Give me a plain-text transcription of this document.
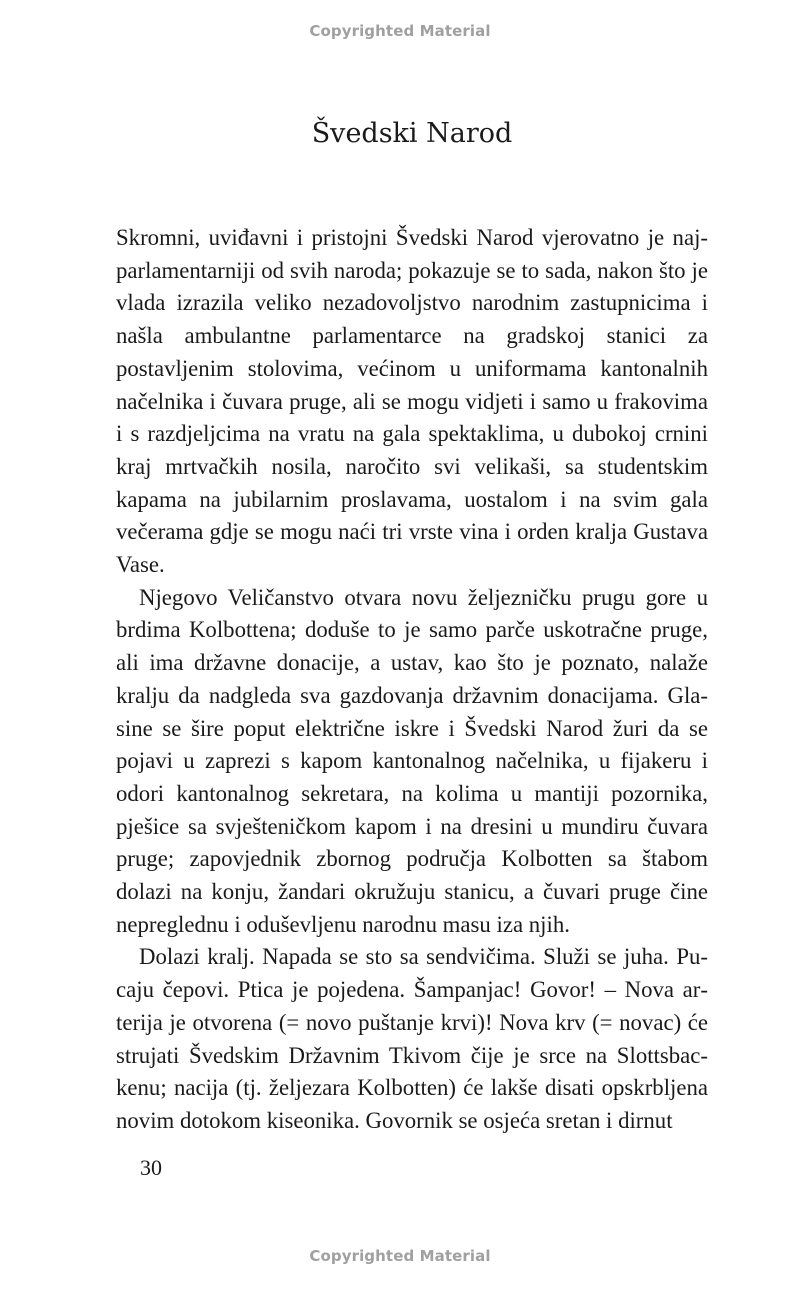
Copyrighted Material
Švedski Narod

Skromni, uviđavni i pristojni Švedski Narod vjerovatno je najparlamentarniji od svih naroda; pokazuje se to sada, nakon što je vlada izrazila veliko nezadovoljstvo narodnim zastupnicima i našla ambulantne parlamentarce na gradskoj stanici za postavljenim stolovima, većinom u uniformama kantonalnih načelnika i čuvara pruge, ali se mogu vidjeti i samo u frakovima i s razdjeljcima na vratu na gala spektaklima, u dubokoj crnini kraj mrtvačkih nosila, naročito svi velikaši, sa studentskim kapama na jubilarnim proslavama, uostalom i na svim gala večerama gdje se mogu naći tri vrste vina i orden kralja Gustava Vase.

Njegovo Veličanstvo otvara novu željezničku prugu gore u brdima Kolbottena; doduše to je samo parče uskotračne pruge, ali ima državne donacije, a ustav, kao što je poznato, nalaže kralju da nadgleda sva gazdovanja državnim donacijama. Glasine se šire poput električne iskre i Švedski Narod žuri da se pojavi u zaprezi s kapom kantonalnog načelnika, u fijakeru i odori kantonalnog sekretara, na kolima u mantiji pozornika, pješice sa svješteničkom kapom i na dresini u mundiru čuvara pruge; zapovjednik zbornog područja Kolbotten sa štabom dolazi na konju, žandari okružuju stanicu, a čuvari pruge čine nepreglednu i oduševljenu narodnu masu iza njih.

Dolazi kralj. Napada se sto sa sendvičima. Služi se juha. Pucaju čepovi. Ptica je pojedena. Šampanjac! Govor! – Nova arterija je otvorena (= novo puštanje krvi)! Nova krv (= novac) će strujati Švedskim Državnim Tkivom čije je srce na Slottsbackenu; nacija (tj. željezara Kolbotten) će lakše disati opskrbljena novim dotokom kiseonika. Govornik se osjeća sretan i dirnut

30
Copyrighted Material
